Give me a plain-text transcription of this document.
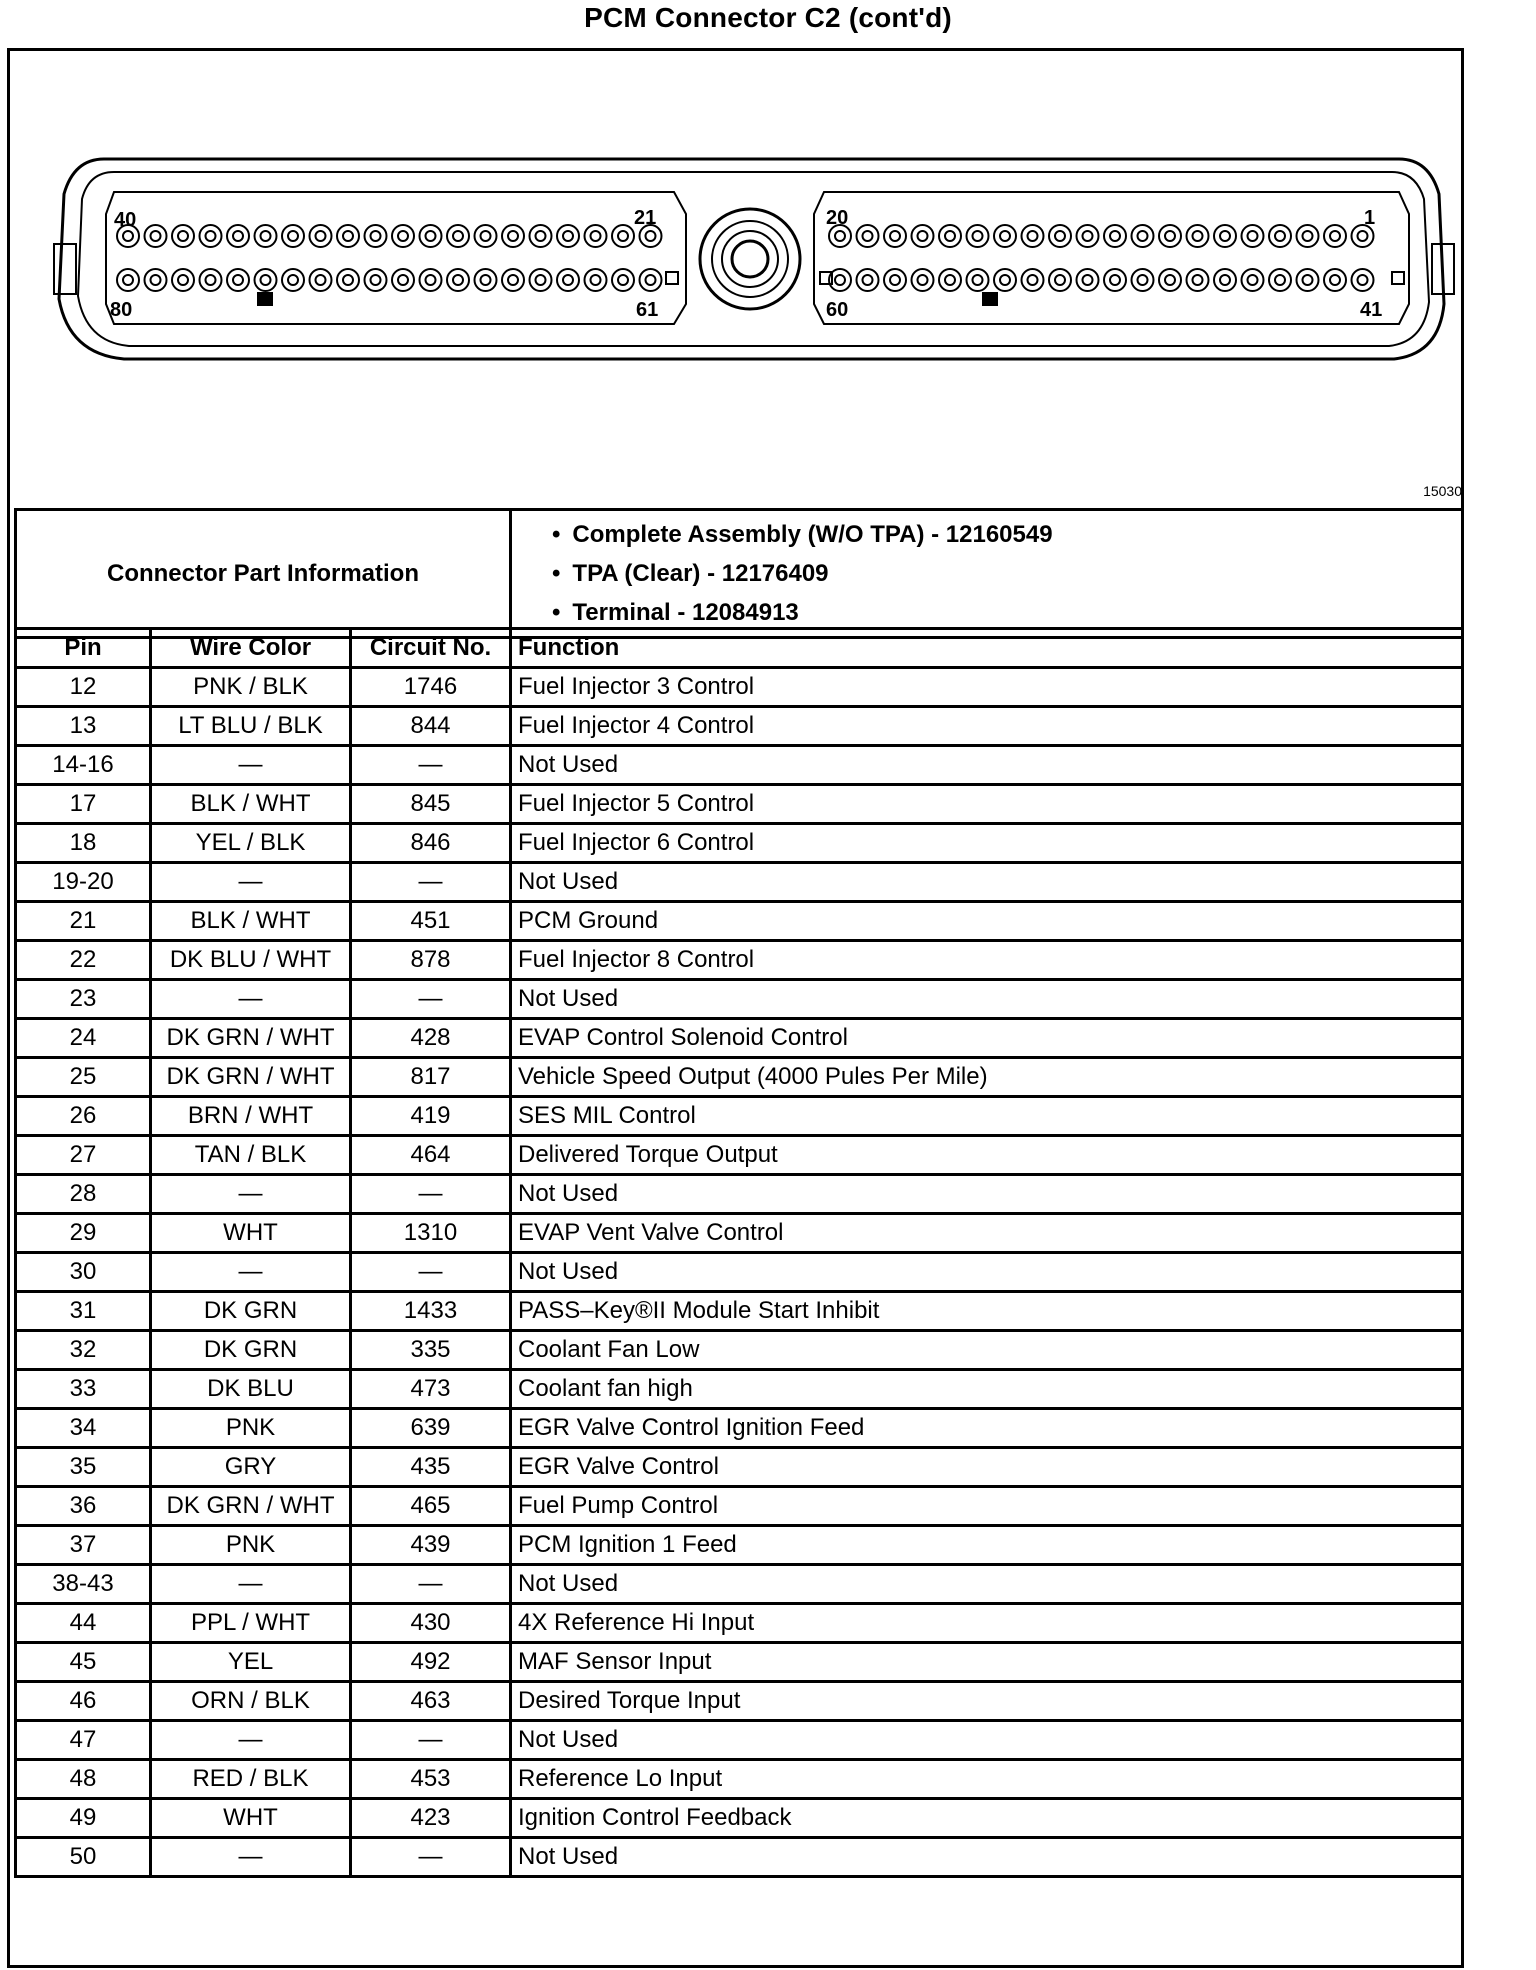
PCM Connector C2 (cont'd)
40	21
80	61
20	1
60	41
15030
Connector Part Information	
• Complete Assembly (W/O TPA) - 12160549
• TPA (Clear) - 12176409
• Terminal - 12084913
Pin	Wire Color	Circuit No.	Function
12	PNK / BLK	1746	Fuel Injector 3 Control
13	LT BLU / BLK	844	Fuel Injector 4 Control
14-16	—	—	Not Used
17	BLK / WHT	845	Fuel Injector 5 Control
18	YEL / BLK	846	Fuel Injector 6 Control
19-20	—	—	Not Used
21	BLK / WHT	451	PCM Ground
22	DK BLU / WHT	878	Fuel Injector 8 Control
23	—	—	Not Used
24	DK GRN / WHT	428	EVAP Control Solenoid Control
25	DK GRN / WHT	817	Vehicle Speed Output (4000 Pules Per Mile)
26	BRN / WHT	419	SES MIL Control
27	TAN / BLK	464	Delivered Torque Output
28	—	—	Not Used
29	WHT	1310	EVAP Vent Valve Control
30	—	—	Not Used
31	DK GRN	1433	PASS–Key®II Module Start Inhibit
32	DK GRN	335	Coolant Fan Low
33	DK BLU	473	Coolant fan high
34	PNK	639	EGR Valve Control Ignition Feed
35	GRY	435	EGR Valve Control
36	DK GRN / WHT	465	Fuel Pump Control
37	PNK	439	PCM Ignition 1 Feed
38-43	—	—	Not Used
44	PPL / WHT	430	4X Reference Hi Input
45	YEL	492	MAF Sensor Input
46	ORN / BLK	463	Desired Torque Input
47	—	—	Not Used
48	RED / BLK	453	Reference Lo Input
49	WHT	423	Ignition Control Feedback
50	—	—	Not Used
